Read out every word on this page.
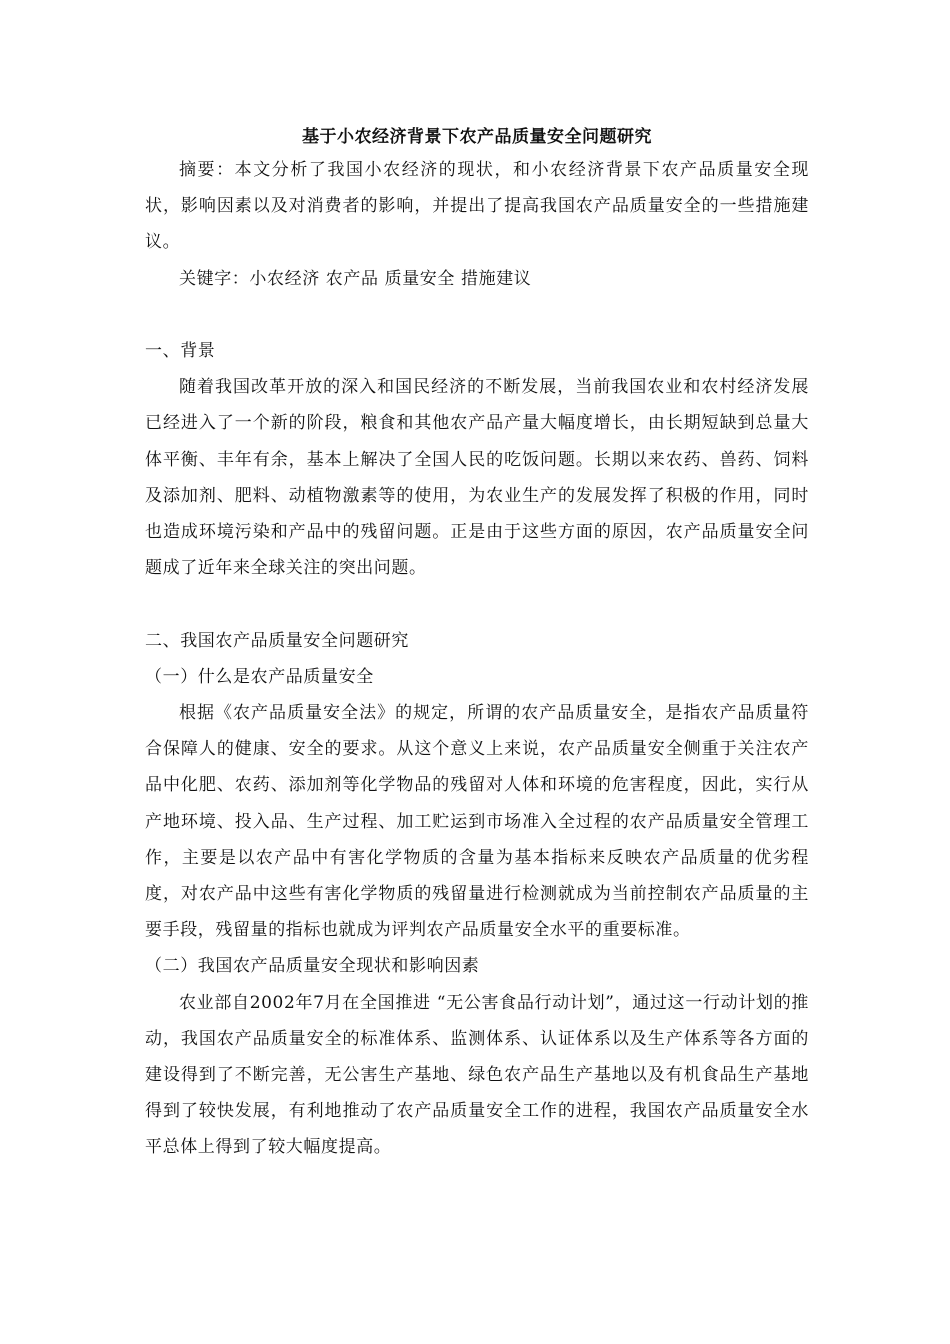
基于小农经济背景下农产品质量安全问题研究

摘要：本文分析了我国小农经济的现状，和小农经济背景下农产品质量安全现状，影响因素以及对消费者的影响，并提出了提高我国农产品质量安全的一些措施建议。

关键字：小农经济 农产品 质量安全 措施建议

一、背景

随着我国改革开放的深入和国民经济的不断发展，当前我国农业和农村经济发展已经进入了一个新的阶段，粮食和其他农产品产量大幅度增长，由长期短缺到总量大体平衡、丰年有余，基本上解决了全国人民的吃饭问题。长期以来农药、兽药、饲料及添加剂、肥料、动植物激素等的使用，为农业生产的发展发挥了积极的作用，同时也造成环境污染和产品中的残留问题。正是由于这些方面的原因，农产品质量安全问题成了近年来全球关注的突出问题。

二、我国农产品质量安全问题研究

（一）什么是农产品质量安全

根据《农产品质量安全法》的规定，所谓的农产品质量安全，是指农产品质量符合保障人的健康、安全的要求。从这个意义上来说，农产品质量安全侧重于关注农产品中化肥、农药、添加剂等化学物品的残留对人体和环境的危害程度，因此，实行从产地环境、投入品、生产过程、加工贮运到市场准入全过程的农产品质量安全管理工作，主要是以农产品中有害化学物质的含量为基本指标来反映农产品质量的优劣程度，对农产品中这些有害化学物质的残留量进行检测就成为当前控制农产品质量的主要手段，残留量的指标也就成为评判农产品质量安全水平的重要标准。

（二）我国农产品质量安全现状和影响因素

农业部自2002年7月在全国推进 “无公害食品行动计划”，通过这一行动计划的推动，我国农产品质量安全的标准体系、监测体系、认证体系以及生产体系等各方面的建设得到了不断完善，无公害生产基地、绿色农产品生产基地以及有机食品生产基地得到了较快发展，有利地推动了农产品质量安全工作的进程，我国农产品质量安全水平总体上得到了较大幅度提高。
